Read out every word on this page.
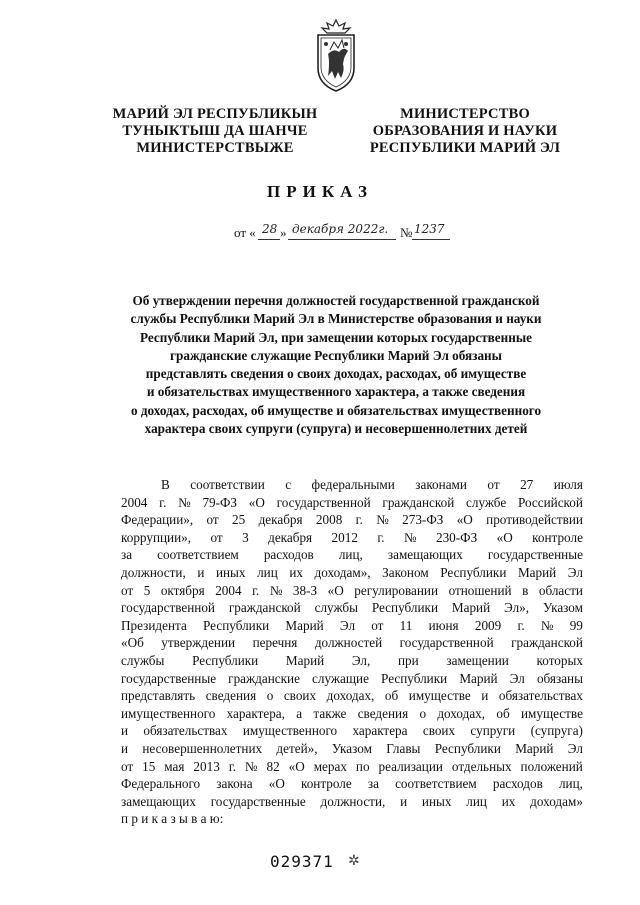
МАРИЙ ЭЛ РЕСПУБЛИКЫН
ТУНЫКТЫШ ДА ШАНЧЕ
МИНИСТЕРСТВЫЖЕ
МИНИСТЕРСТВО
ОБРАЗОВАНИЯ И НАУКИ
РЕСПУБЛИКИ МАРИЙ ЭЛ
ПРИКАЗ
от « 28 » декабря 2022г. № 1237
Об утверждении перечня должностей государственной гражданской
службы Республики Марий Эл в Министерстве образования и науки
Республики Марий Эл, при замещении которых государственные
гражданские служащие Республики Марий Эл обязаны
представлять сведения о своих доходах, расходах, об имуществе
и обязательствах имущественного характера, а также сведения
о доходах, расходах, об имуществе и обязательствах имущественного
характера своих супруги (супруга) и несовершеннолетних детей
В соответствии с федеральными законами от 27 июля
2004 г. № 79-ФЗ «О государственной гражданской службе Российской
Федерации», от 25 декабря 2008 г. № 273-ФЗ «О противодействии
коррупции», от 3 декабря 2012 г. № 230-ФЗ «О контроле
за соответствием расходов лиц, замещающих государственные
должности, и иных лиц их доходам», Законом Республики Марий Эл
от 5 октября 2004 г. № 38-З «О регулировании отношений в области
государственной гражданской службы Республики Марий Эл», Указом
Президента Республики Марий Эл от 11 июня 2009 г. № 99
«Об утверждении перечня должностей государственной гражданской
службы Республики Марий Эл, при замещении которых
государственные гражданские служащие Республики Марий Эл обязаны
представлять сведения о своих доходах, об имуществе и обязательствах
имущественного характера, а также сведения о доходах, об имуществе
и обязательствах имущественного характера своих супруги (супруга)
и несовершеннолетних детей», Указом Главы Республики Марий Эл
от 15 мая 2013 г. № 82 «О мерах по реализации отдельных положений
Федерального закона «О контроле за соответствием расходов лиц,
замещающих государственные должности, и иных лиц их доходам»
п р и к а з ы в а ю:
029371 ✲
